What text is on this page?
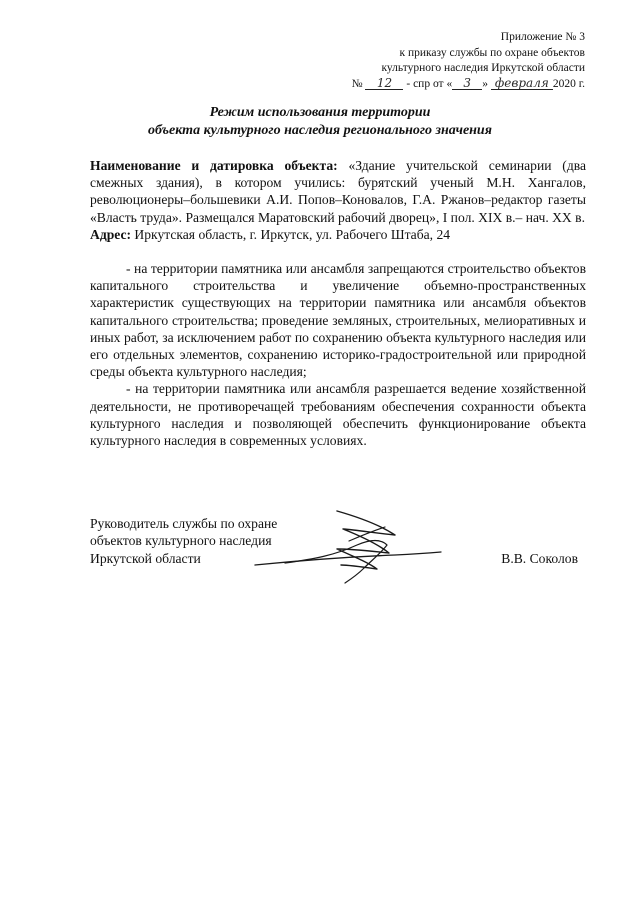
Приложение № 3
к приказу службы по охране объектов
культурного наследия Иркутской области
№ 12 - спр от « 3 » февраля 2020 г.
Режим использования территории
объекта культурного наследия регионального значения

Наименование и датировка объекта: «Здание учительской семинарии (два смежных здания), в котором учились: бурятский ученый М.Н. Хангалов, революционеры–большевики А.И. Попов–Коновалов, Г.А. Ржанов–редактор газеты «Власть труда». Размещался Маратовский рабочий дворец», I пол. XIX в.– нач. XX в.

Адрес: Иркутская область, г. Иркутск, ул. Рабочего Штаба, 24

- на территории памятника или ансамбля запрещаются строительство объектов капитального строительства и увеличение объемно-пространственных характеристик существующих на территории памятника или ансамбля объектов капитального строительства; проведение земляных, строительных, мелиоративных и иных работ, за исключением работ по сохранению объекта культурного наследия или его отдельных элементов, сохранению историко-градостроительной или природной среды объекта культурного наследия;

- на территории памятника или ансамбля разрешается ведение хозяйственной деятельности, не противоречащей требованиям обеспечения сохранности объекта культурного наследия и позволяющей обеспечить функционирование объекта культурного наследия в современных условиях.

Руководитель службы по охране
объектов культурного наследия
Иркутской области	В.В. Соколов
